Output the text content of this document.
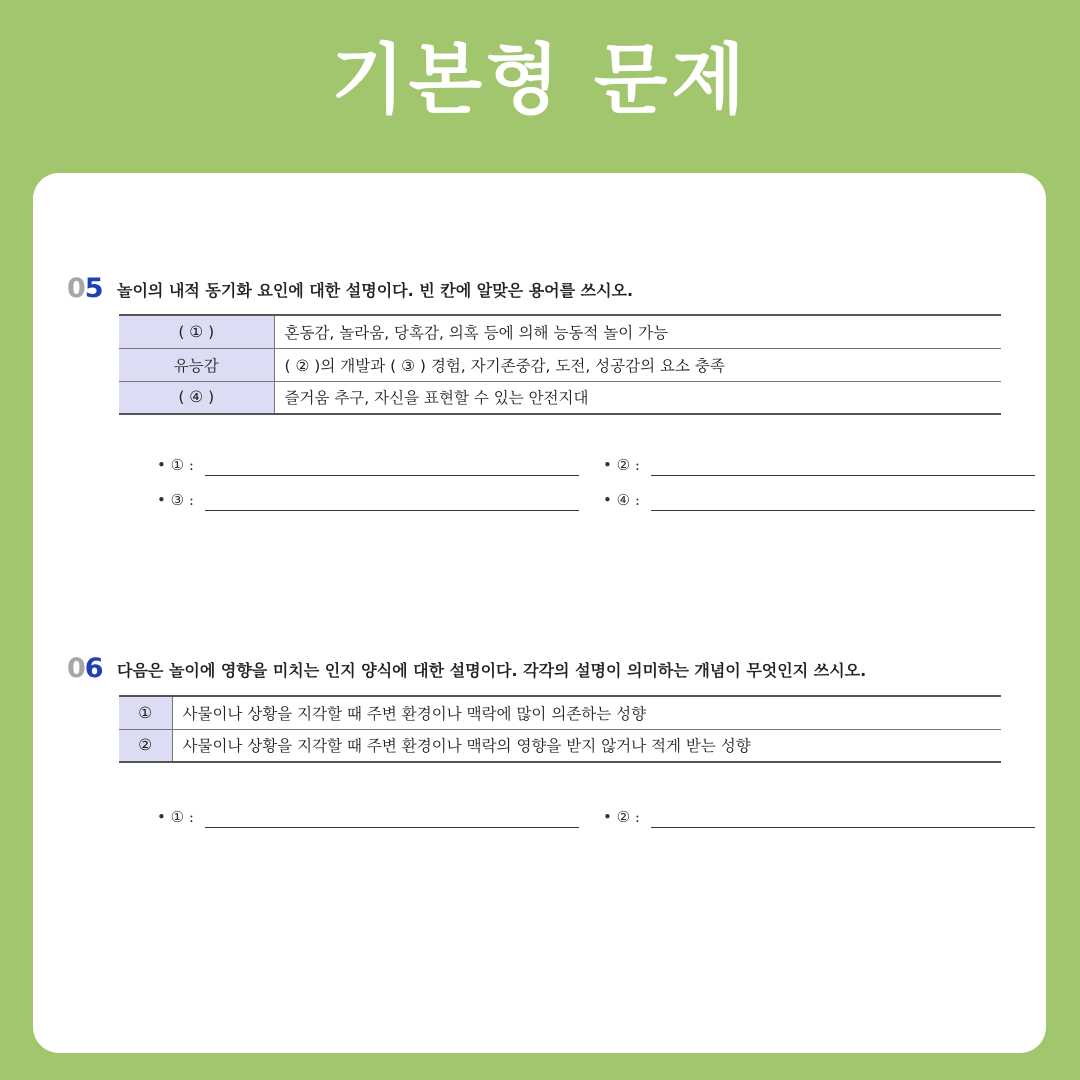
기본형 문제
05 놀이의 내적 동기화 요인에 대한 설명이다. 빈 칸에 알맞은 용어를 쓰시오.
( ① )	혼동감, 놀라움, 당혹감, 의혹 등에 의해 능동적 놀이 가능
유능감	( ② )의 개발과 ( ③ ) 경험, 자기존중감, 도전, 성공감의 요소 충족
( ④ )	즐거움 추구, 자신을 표현할 수 있는 안전지대
• ① :	• ② :
• ③ :	• ④ :
06 다음은 놀이에 영향을 미치는 인지 양식에 대한 설명이다. 각각의 설명이 의미하는 개념이 무엇인지 쓰시오.
①	사물이나 상황을 지각할 때 주변 환경이나 맥락에 많이 의존하는 성향
②	사물이나 상황을 지각할 때 주변 환경이나 맥락의 영향을 받지 않거나 적게 받는 성향
• ① :	• ② :
